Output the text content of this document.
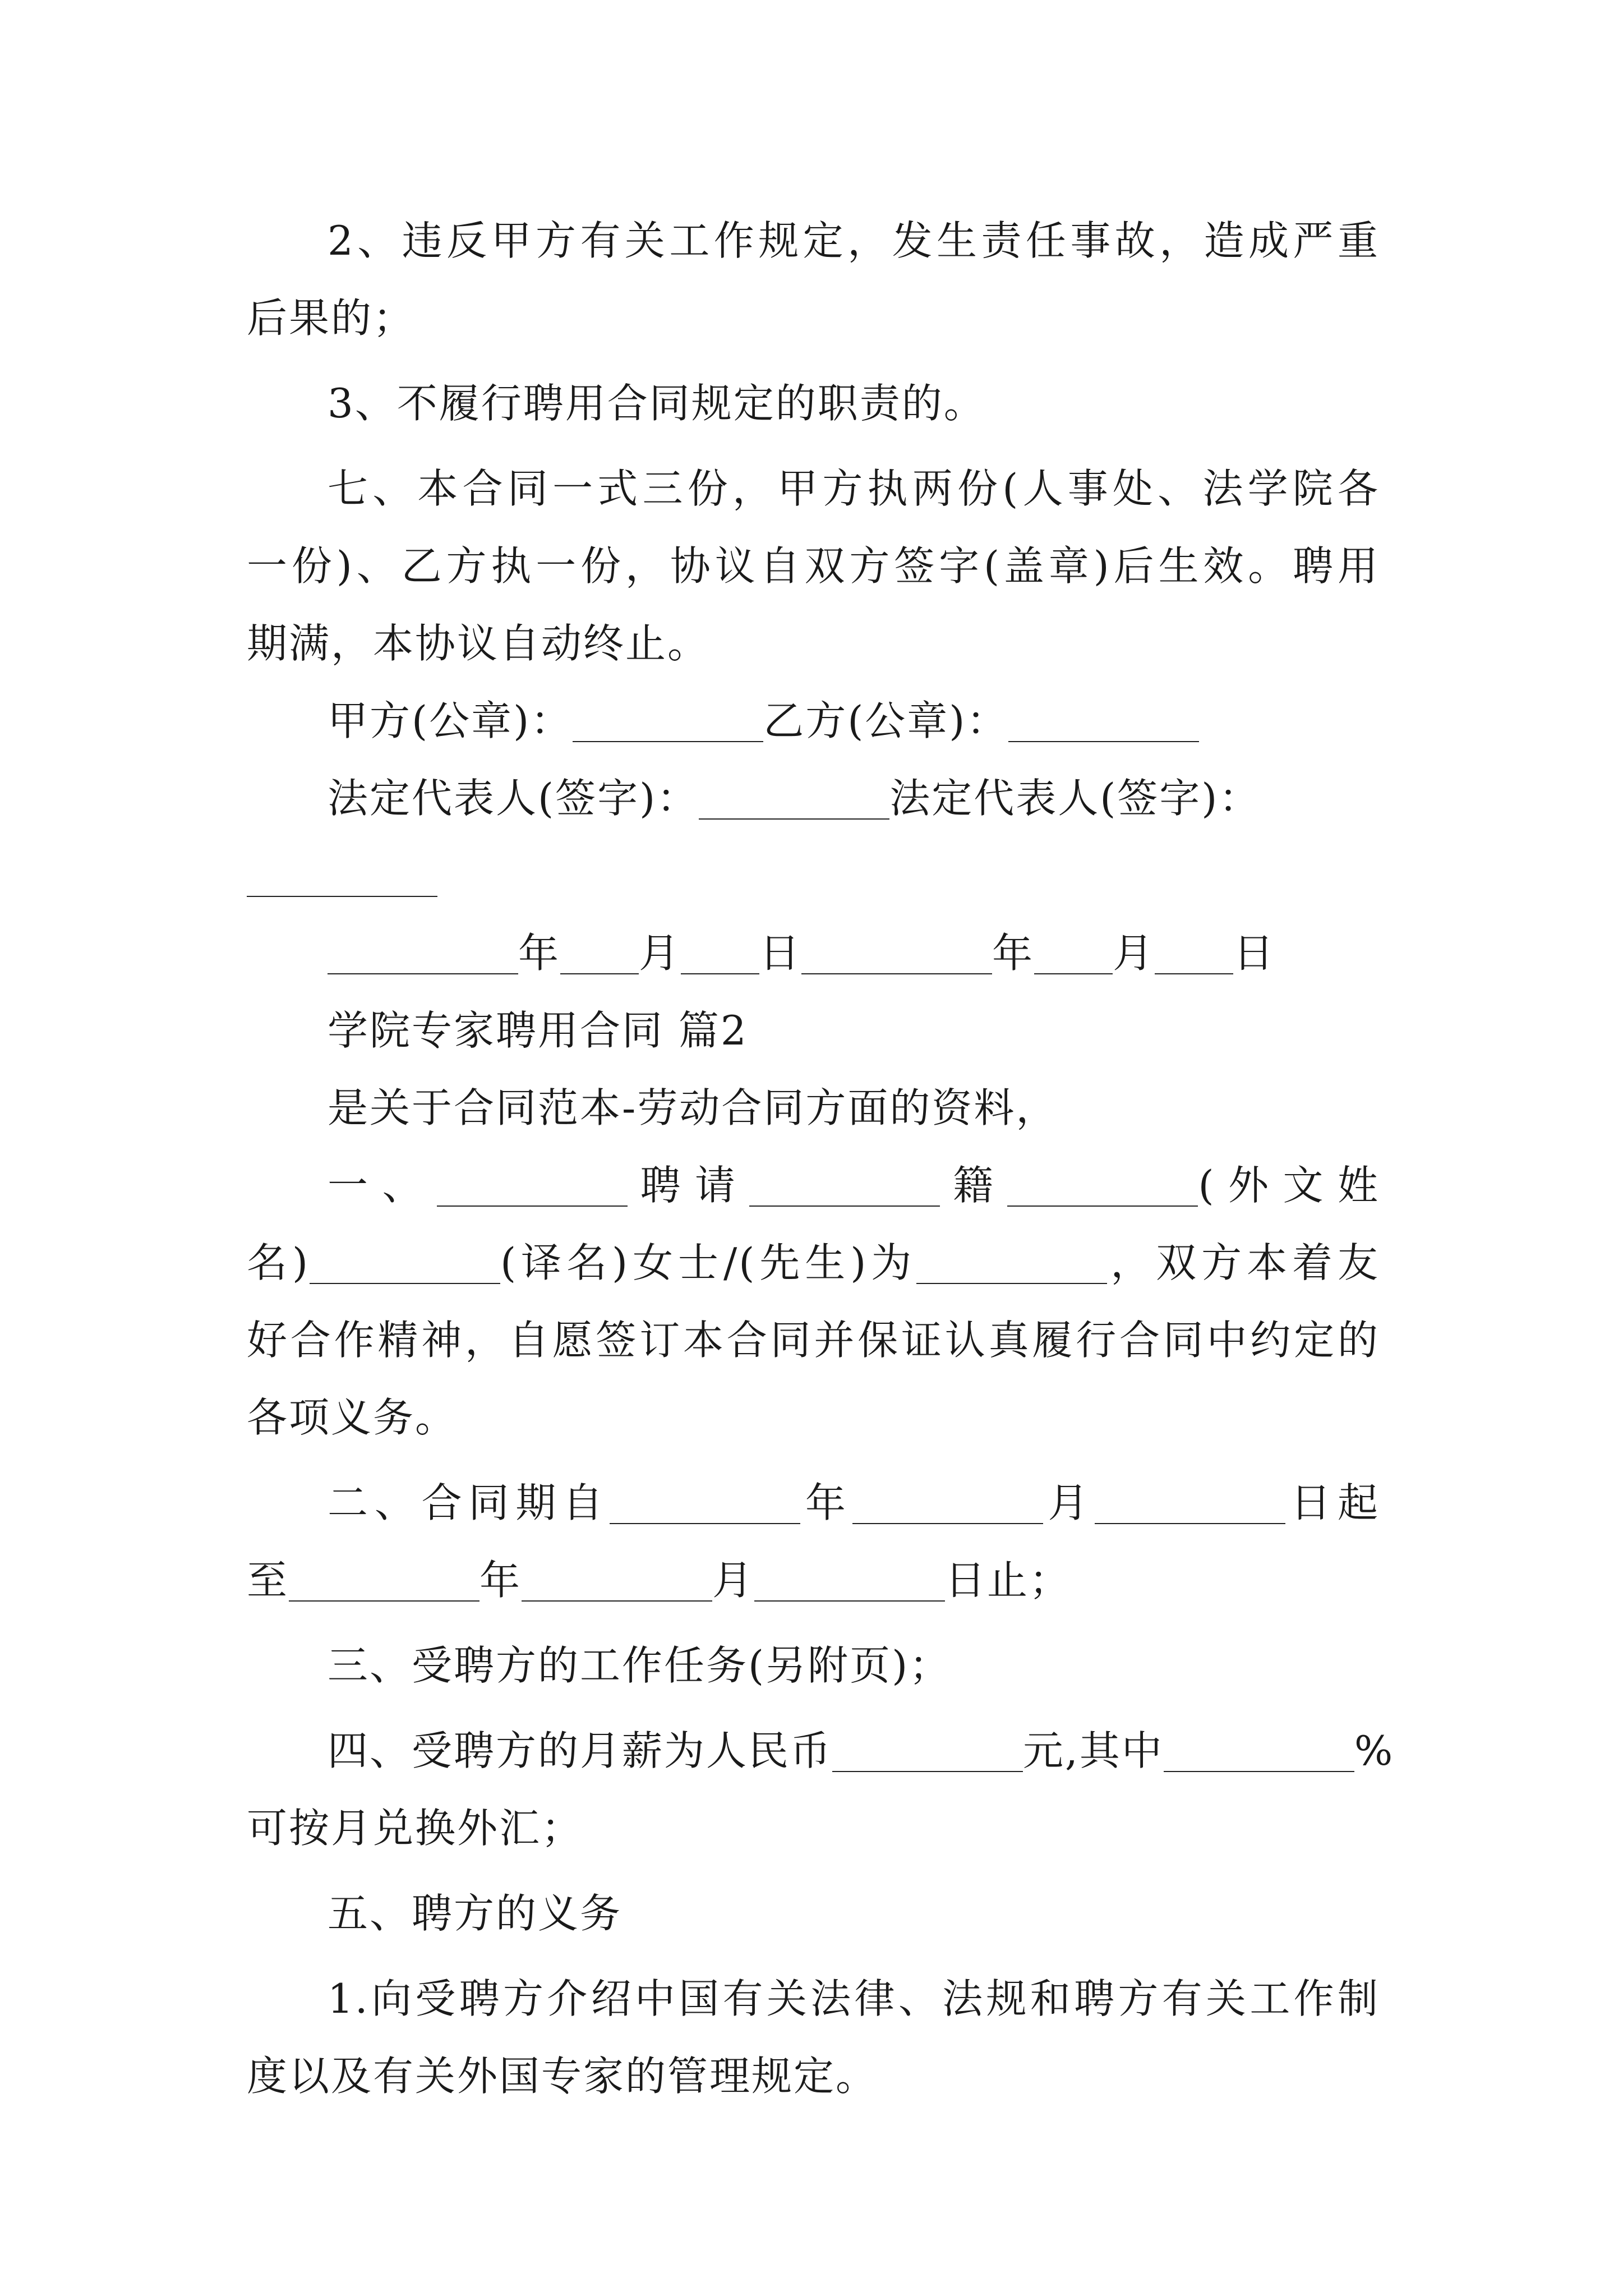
2、违反甲方有关工作规定，发生责任事故，造成严重

后果的；

3、不履行聘用合同规定的职责的。

七、本合同一式三份，甲方执两份(人事处、法学院各

一份)、乙方执一份，协议自双方签字(盖章)后生效。聘用

期满，本协议自动终止。

甲方(公章)：	乙方(公章)：

法定代表人(签字)：	法定代表人(签字)：

年 月 日	年 月 日

学院专家聘用合同 篇2

是关于合同范本-劳动合同方面的资料，

一、	聘请	籍	(外文姓

名)	(译名)女士/(先生)为	，双方本着友

好合作精神，自愿签订本合同并保证认真履行合同中约定的

各项义务。

二、合同期自	年	月	日起

至	年	月	日止；

三、受聘方的工作任务(另附页)；

四、受聘方的月薪为人民币	元,其中	%

可按月兑换外汇；

五、聘方的义务

1.向受聘方介绍中国有关法律、法规和聘方有关工作制

度以及有关外国专家的管理规定。
